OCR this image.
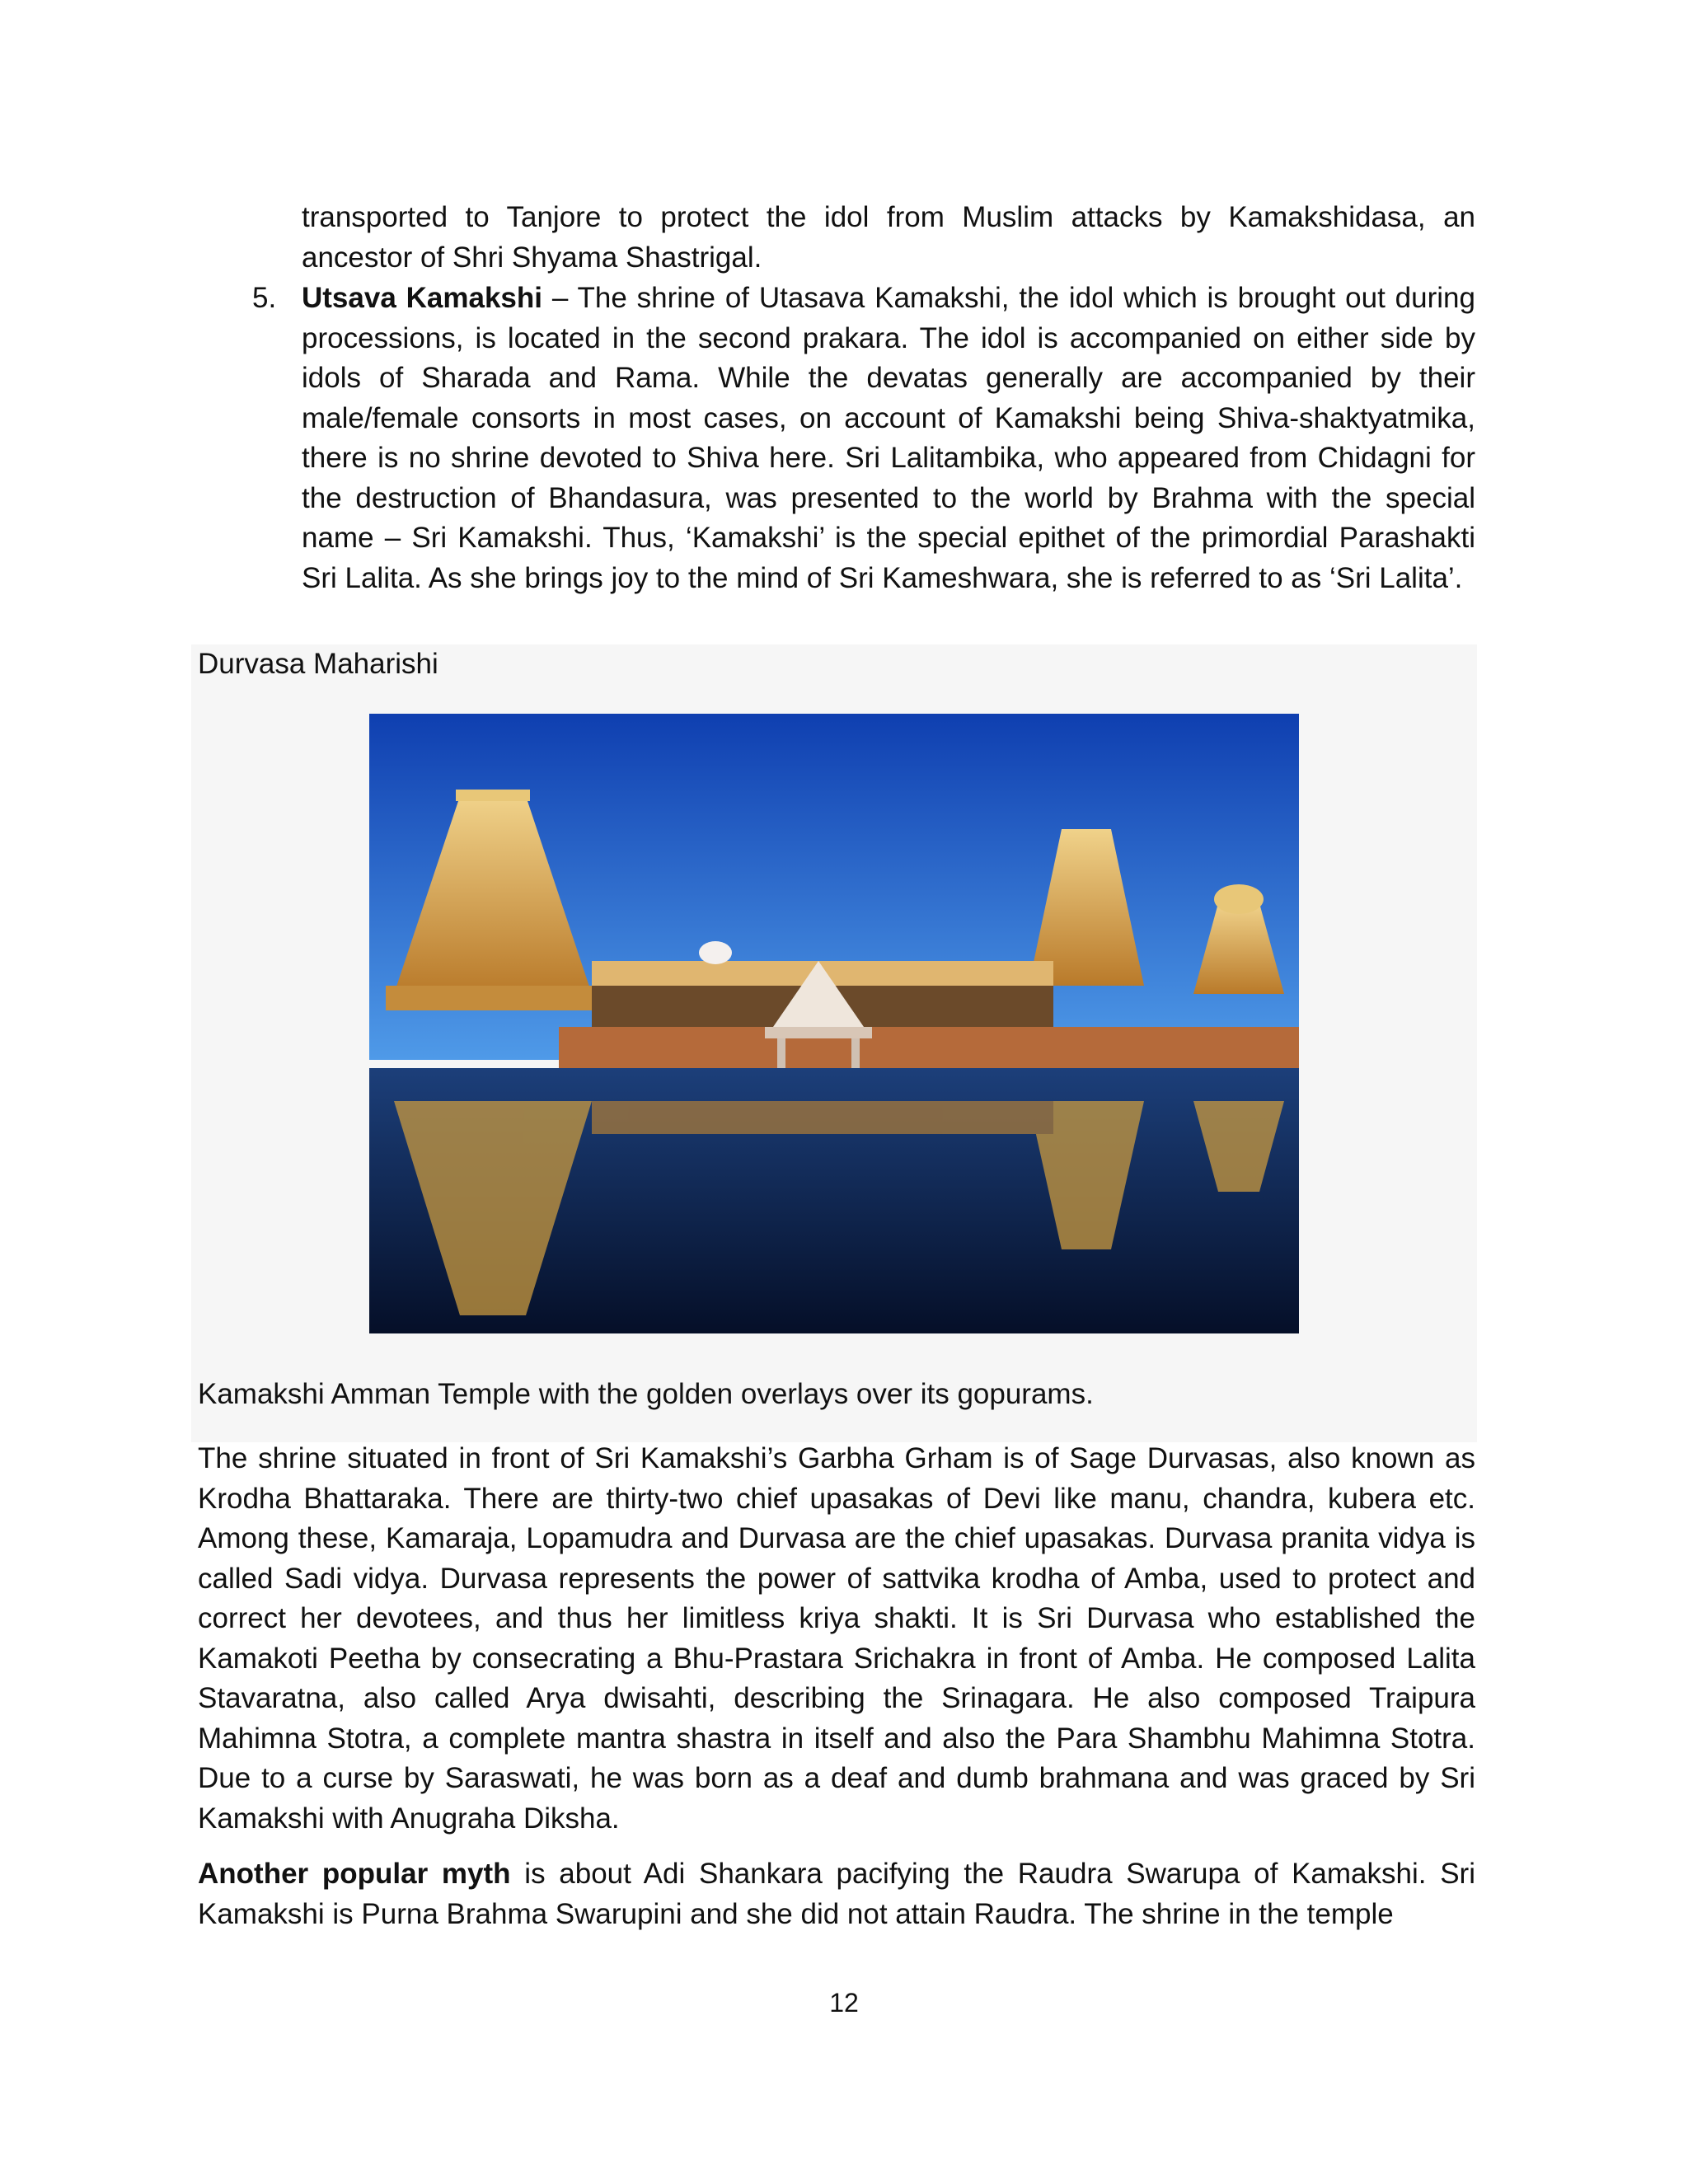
transported to Tanjore to protect the idol from Muslim attacks by Kamakshidasa, an
ancestor of Shri Shyama Shastrigal.

5. Utsava Kamakshi – The shrine of Utasava Kamakshi, the idol which is brought out during processions, is located in the second prakara. The idol is accompanied on either side by idols of Sharada and Rama. While the devatas generally are accompanied by their male/female consorts in most cases, on account of Kamakshi being Shiva-shaktyatmika, there is no shrine devoted to Shiva here. Sri Lalitambika, who appeared from Chidagni for the destruction of Bhandasura, was presented to the world by Brahma with the special name – Sri Kamakshi. Thus, ‘Kamakshi’ is the special epithet of the primordial Parashakti Sri Lalita. As she brings joy to the mind of Sri Kameshwara, she is referred to as ‘Sri Lalita’.

Durvasa Maharishi
Kamakshi Amman Temple with the golden overlays over its gopurams.

The shrine situated in front of Sri Kamakshi’s Garbha Grham is of Sage Durvasas, also known as Krodha Bhattaraka. There are thirty-two chief upasakas of Devi like manu, chandra, kubera etc. Among these, Kamaraja, Lopamudra and Durvasa are the chief upasakas. Durvasa pranita vidya is called Sadi vidya. Durvasa represents the power of sattvika krodha of Amba, used to protect and correct her devotees, and thus her limitless kriya shakti. It is Sri Durvasa who established the Kamakoti Peetha by consecrating a Bhu-Prastara Srichakra in front of Amba. He composed Lalita Stavaratna, also called Arya dwisahti, describing the Srinagara. He also composed Traipura Mahimna Stotra, a complete mantra shastra in itself and also the Para Shambhu Mahimna Stotra. Due to a curse by Saraswati, he was born as a deaf and dumb brahmana and was graced by Sri Kamakshi with Anugraha Diksha.

Another popular myth is about Adi Shankara pacifying the Raudra Swarupa of Kamakshi. Sri Kamakshi is Purna Brahma Swarupini and she did not attain Raudra. The shrine in the temple

12
